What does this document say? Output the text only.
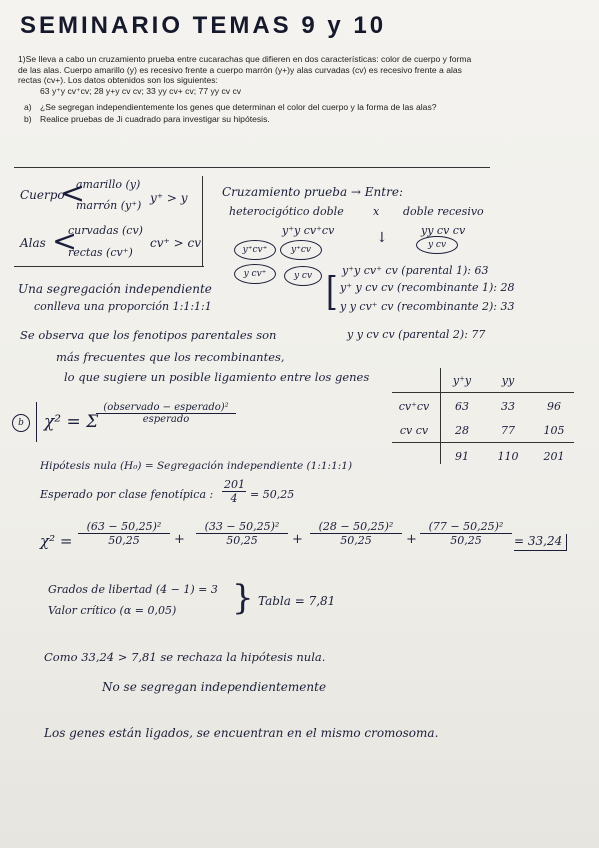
SEMINARIO TEMAS 9 y 10

1)Se lleva a cabo un cruzamiento prueba entre cucarachas que difieren en dos características: color de cuerpo y forma de las alas. Cuerpo amarillo (y) es recesivo frente a cuerpo marrón (y+)y alas curvadas (cv) es recesivo frente a alas rectas (cv+). Los datos obtenidos son los siguientes:

63 y⁺y cv⁺cv; 28 y+y cv cv; 33 yy cv+ cv; 77 yy cv cv

a) ¿Se segregan independientemente los genes que determinan el color del cuerpo y la forma de las alas?
b) Realice pruebas de Ji cuadrado para investigar su hipótesis.
Cuerpo
<
amarillo (y)
marrón (y⁺)
y⁺ > y
Alas <
curvadas (cv)
rectas (cv⁺)
cv⁺ > cv
Cruzamiento prueba → Entre:
heterocigótico doble	x doble recesivo
y⁺y cv⁺cv	yy cv cv
↓	y cv
y⁺cv⁺	y⁺cv
y cv⁺	y cv	y⁺y cv⁺ cv (parental 1): 63
[ y⁺ y cv cv (recombinante 1): 28
y y cv⁺ cv (recombinante 2): 33
y y cv cv (parental 2): 77
Una segregación independiente
conlleva una proporción 1:1:1:1
Se observa que los fenotipos parentales son
más frecuentes que los recombinantes,
lo que sugiere un posible ligamiento entre los genes	y⁺y	yy
cv⁺cv	63	33	96
cv cv	28	77	105
91	110	201
b	χ² = Σ
(observado − esperado)²
esperado
Hipótesis nula (H₀) = Segregación independiente (1:1:1:1)
Esperado por clase fenotípica : $\frac{201}{4} = 50,25$
$\chi^2 = \frac{\text{(63 − 50,25)²}}{50,25} + \frac{\text{(33 − 50,25)²}}{50,25} + \frac{\text{(28 − 50,25)²}}{50,25} + \frac{\text{(77 − 50,25)²}}{50,25} = 33,24$
Grados de libertad (4 − 1) = 3
Valor crítico (α = 0,05) } Tabla = 7,81
Como 33,24 > 7,81 se rechaza la hipótesis nula.
No se segregan independientemente
Los genes están ligados, se encuentran en el mismo cromosoma.
